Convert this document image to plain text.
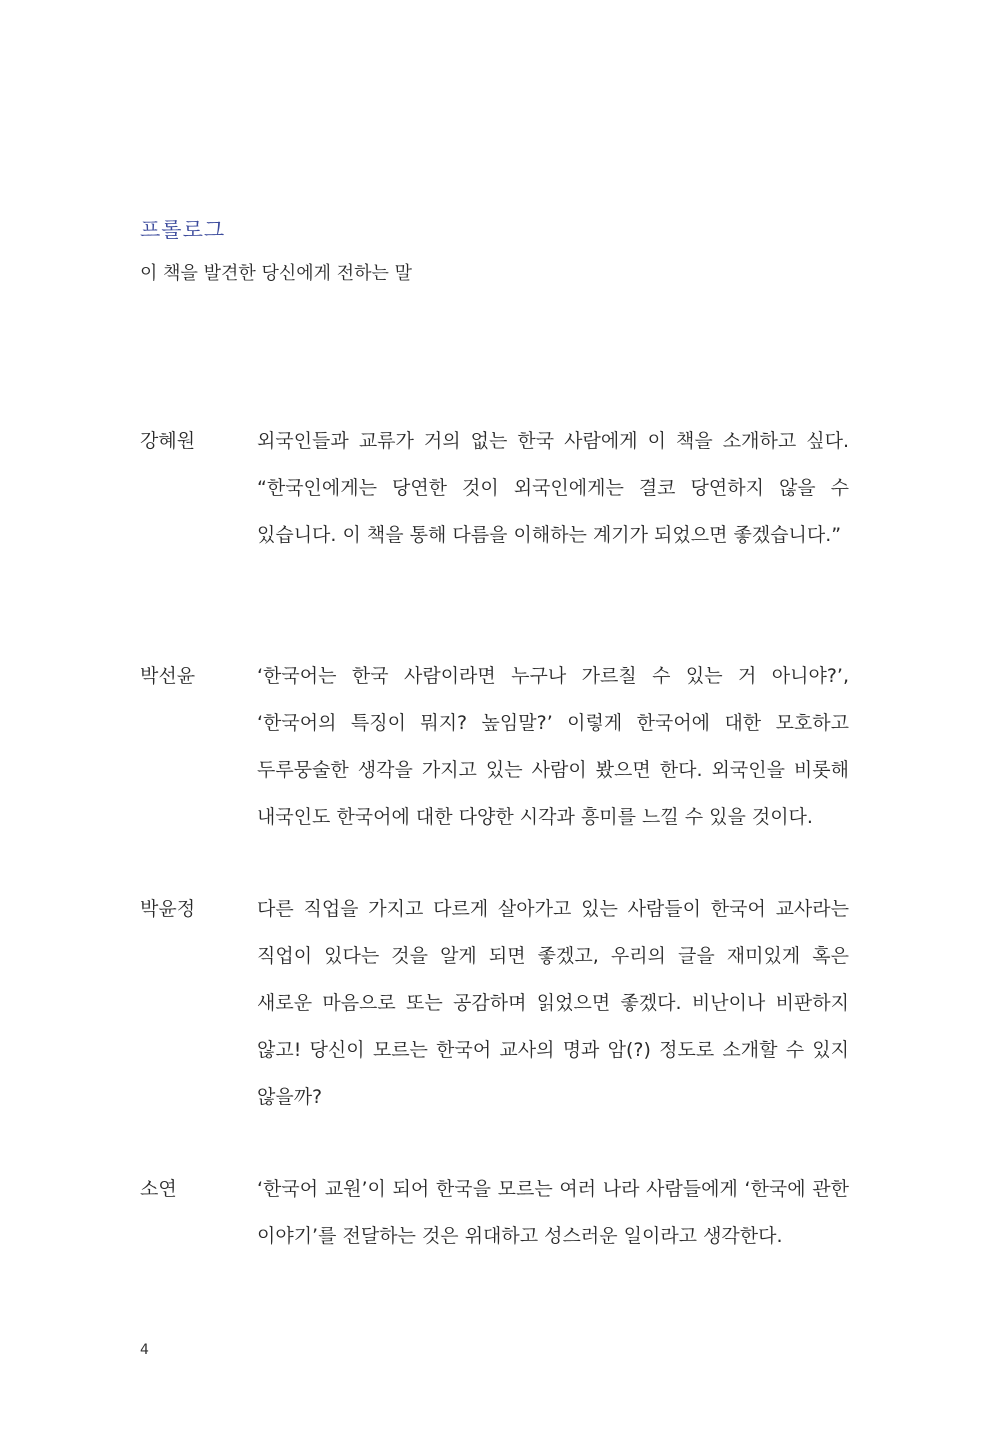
프롤로그
이 책을 발견한 당신에게 전하는 말
강혜원	외국인들과 교류가 거의 없는 한국 사람에게 이 책을 소개하고 싶다. “한국인에게는 당연한 것이 외국인에게는 결코 당연하지 않을 수 있습니다. 이 책을 통해 다름을 이해하는 계기가 되었으면 좋겠습니다.”

박선윤	‘한국어는 한국 사람이라면 누구나 가르칠 수 있는 거 아니야?’, ‘한국어의 특징이 뭐지? 높임말?’ 이렇게 한국어에 대한 모호하고 두루뭉술한 생각을 가지고 있는 사람이 봤으면 한다. 외국인을 비롯해 내국인도 한국어에 대한 다양한 시각과 흥미를 느낄 수 있을 것이다.

박윤정	다른 직업을 가지고 다르게 살아가고 있는 사람들이 한국어 교사라는 직업이 있다는 것을 알게 되면 좋겠고, 우리의 글을 재미있게 혹은 새로운 마음으로 또는 공감하며 읽었으면 좋겠다. 비난이나 비판하지 않고! 당신이 모르는 한국어 교사의 명과 암(?) 정도로 소개할 수 있지 않을까?

소연	‘한국어 교원’이 되어 한국을 모르는 여러 나라 사람들에게 ‘한국에 관한 이야기’를 전달하는 것은 위대하고 성스러운 일이라고 생각한다.

4
